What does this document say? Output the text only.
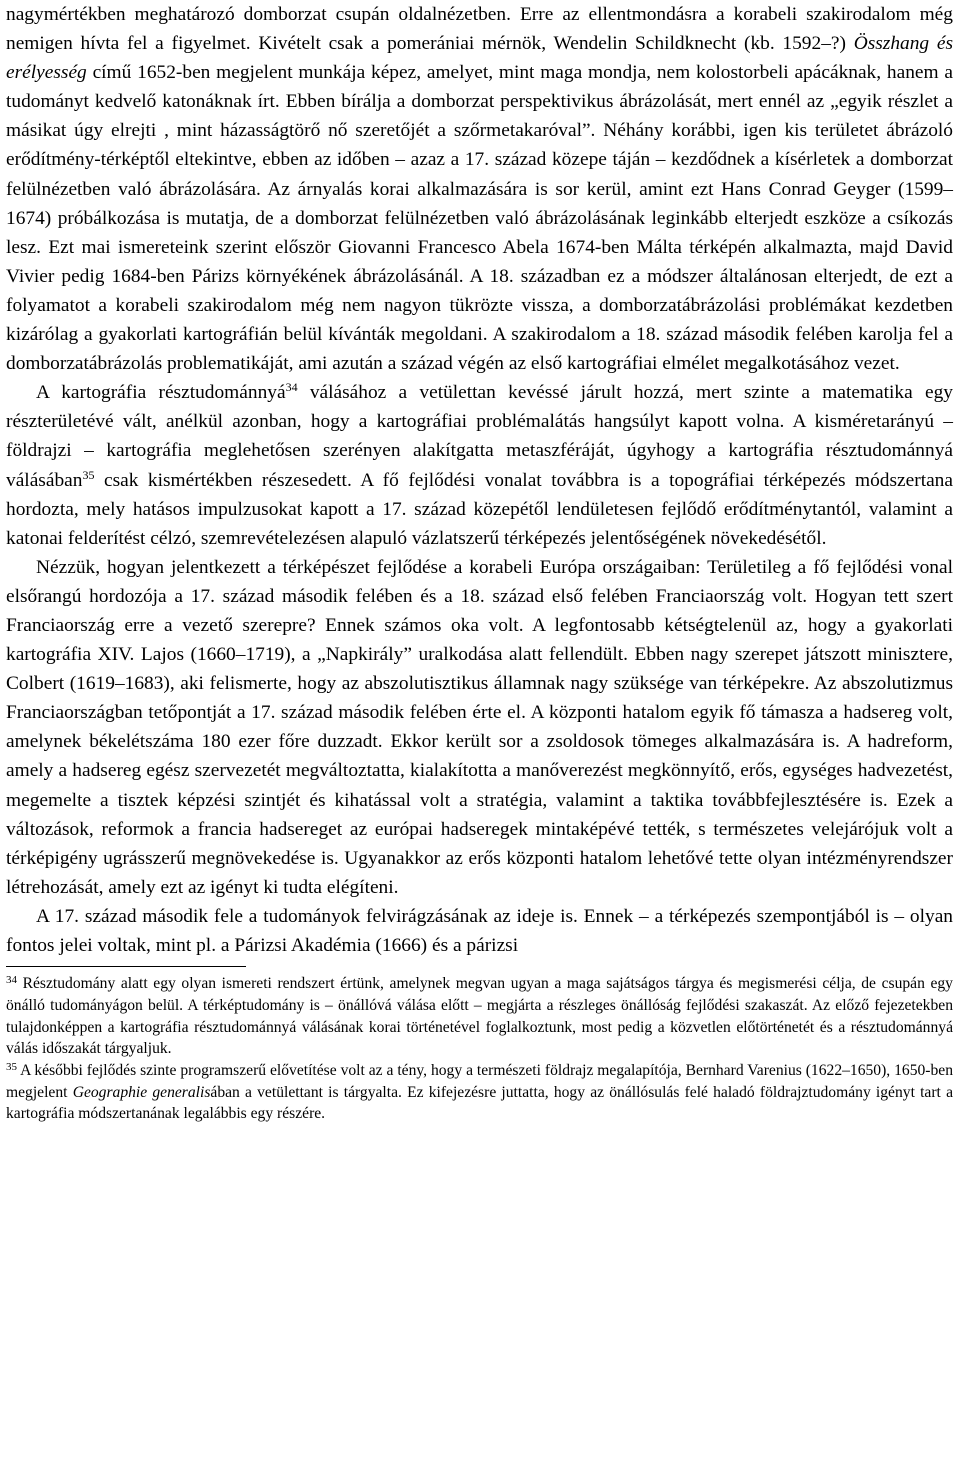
nagymértékben meghatározó domborzat csupán oldalnézetben. Erre az ellentmondásra a korabeli szakirodalom még nemigen hívta fel a figyelmet. Kivételt csak a pomerániai mérnök, Wendelin Schildknecht (kb. 1592–?) Összhang és erélyesség című 1652-ben megjelent munkája képez, amelyet, mint maga mondja, nem kolostorbeli apácáknak, hanem a tudományt kedvelő katonáknak írt. Ebben bírálja a domborzat perspektivikus ábrázolását, mert ennél az „egyik részlet a másikat úgy elrejti , mint házasságtörő nő szeretőjét a szőrmetakaróval”. Néhány korábbi, igen kis területet ábrázoló erődítmény-térképtől eltekintve, ebben az időben – azaz a 17. század közepe táján – kezdődnek a kísérletek a domborzat felülnézetben való ábrázolására. Az árnyalás korai alkalmazására is sor kerül, amint ezt Hans Conrad Geyger (1599–1674) próbálkozása is mutatja, de a domborzat felülnézetben való ábrázolásának leginkább elterjedt eszköze a csíkozás lesz. Ezt mai ismereteink szerint először Giovanni Francesco Abela 1674-ben Málta térképén alkalmazta, majd David Vivier pedig 1684-ben Párizs környékének ábrázolásánál. A 18. században ez a módszer általánosan elterjedt, de ezt a folyamatot a korabeli szakirodalom még nem nagyon tükrözte vissza, a domborzatábrázolási problémákat kezdetben kizárólag a gyakorlati kartográfián belül kívánták megoldani. A szakirodalom a 18. század második felében karolja fel a domborzatábrázolás problematikáját, ami azután a század végén az első kartográfiai elmélet megalkotásához vezet.

A kartográfia résztudománnyá$^{34}$ válásához a vetülettan kevéssé járult hozzá, mert szinte a matematika egy részterületévé vált, anélkül azonban, hogy a kartográfiai problémalátás hangsúlyt kapott volna. A kisméretarányú – földrajzi – kartográfia meglehetősen szerényen alakítgatta metaszféráját, úgyhogy a kartográfia résztudománnyá válásában$^{35}$ csak kismértékben részesedett. A fő fejlődési vonalat továbbra is a topográfiai térképezés módszertana hordozta, mely hatásos impulzusokat kapott a 17. század közepétől lendületesen fejlődő erődítménytantól, valamint a katonai felderítést célzó, szemrevételezésen alapuló vázlatszerű térképezés jelentőségének növekedésétől.

Nézzük, hogyan jelentkezett a térképészet fejlődése a korabeli Európa országaiban: Területileg a fő fejlődési vonal elsőrangú hordozója a 17. század második felében és a 18. század első felében Franciaország volt. Hogyan tett szert Franciaország erre a vezető szerepre? Ennek számos oka volt. A legfontosabb kétségtelenül az, hogy a gyakorlati kartográfia XIV. Lajos (1660–1719), a „Napkirály” uralkodása alatt fellendült. Ebben nagy szerepet játszott minisztere, Colbert (1619–1683), aki felismerte, hogy az abszolutisztikus államnak nagy szüksége van térképekre. Az abszolutizmus Franciaországban tetőpontját a 17. század második felében érte el. A központi hatalom egyik fő támasza a hadsereg volt, amelynek békelétszáma 180 ezer főre duzzadt. Ekkor került sor a zsoldosok tömeges alkalmazására is. A hadreform, amely a hadsereg egész szervezetét megváltoztatta, kialakította a manőverezést megkönnyítő, erős, egységes hadvezetést, megemelte a tisztek képzési szintjét és kihatással volt a stratégia, valamint a taktika továbbfejlesztésére is. Ezek a változások, reformok a francia hadsereget az európai hadseregek mintaképévé tették, s természetes velejárójuk volt a térképigény ugrásszerű megnövekedése is. Ugyanakkor az erős központi hatalom lehetővé tette olyan intézményrendszer létrehozását, amely ezt az igényt ki tudta elégíteni.

A 17. század második fele a tudományok felvirágzásának az ideje is. Ennek – a térképezés szempontjából is – olyan fontos jelei voltak, mint pl. a Párizsi Akadémia (1666) és a párizsi

$^{34}$ Résztudomány alatt egy olyan ismereti rendszert értünk, amelynek megvan ugyan a maga sajátságos tárgya és megismerési célja, de csupán egy önálló tudományágon belül. A térképtudomány is – önállóvá válása előtt – megjárta a részleges önállóság fejlődési szakaszát. Az előző fejezetekben tulajdonképpen a kartográfia résztudománnyá válásának korai történetével foglalkoztunk, most pedig a közvetlen előtörténetét és a résztudománnyá válás időszakát tárgyaljuk.

$^{35}$ A későbbi fejlődés szinte programszerű elővetítése volt az a tény, hogy a természeti földrajz megalapítója, Bernhard Varenius (1622–1650), 1650-ben megjelent Geographie generalisában a vetülettant is tárgyalta. Ez kifejezésre juttatta, hogy az önállósulás felé haladó földrajztudomány igényt tart a kartográfia módszertanának legalábbis egy részére.
